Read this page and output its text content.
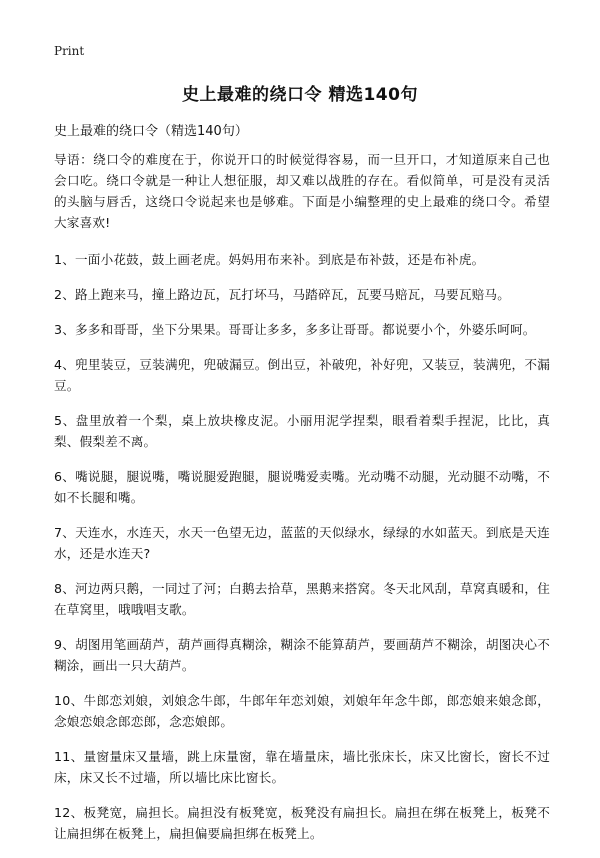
Print
史上最难的绕口令 精选140句
史上最难的绕口令（精选140句）

导语：绕口令的难度在于，你说开口的时候觉得容易，而一旦开口，才知道原来自己也会口吃。绕口令就是一种让人想征服，却又难以战胜的存在。看似简单，可是没有灵活的头脑与唇舌，这绕口令说起来也是够难。下面是小编整理的史上最难的绕口令。希望大家喜欢!

1、一面小花鼓，鼓上画老虎。妈妈用布来补。到底是布补鼓，还是布补虎。

2、路上跑来马，撞上路边瓦，瓦打坏马，马踏碎瓦，瓦要马赔瓦，马要瓦赔马。

3、多多和哥哥，坐下分果果。哥哥让多多，多多让哥哥。都说要小个，外婆乐呵呵。

4、兜里装豆，豆装满兜，兜破漏豆。倒出豆，补破兜，补好兜，又装豆，装满兜，不漏豆。

5、盘里放着一个梨，桌上放块橡皮泥。小丽用泥学捏梨，眼看着梨手捏泥，比比，真梨、假梨差不离。

6、嘴说腿，腿说嘴，嘴说腿爱跑腿，腿说嘴爱卖嘴。光动嘴不动腿，光动腿不动嘴，不如不长腿和嘴。

7、天连水，水连天，水天一色望无边，蓝蓝的天似绿水，绿绿的水如蓝天。到底是天连水，还是水连天?

8、河边两只鹅，一同过了河；白鹅去拾草，黑鹅来搭窝。冬天北风刮，草窝真暖和，住在草窝里，哦哦唱支歌。

9、胡图用笔画葫芦，葫芦画得真糊涂，糊涂不能算葫芦，要画葫芦不糊涂，胡图决心不糊涂，画出一只大葫芦。

10、牛郎恋刘娘，刘娘念牛郎，牛郎年年恋刘娘，刘娘年年念牛郎，郎恋娘来娘念郎，念娘恋娘念郎恋郎，念恋娘郎。

11、量窗量床又量墙，跳上床量窗，靠在墙量床，墙比张床长，床又比窗长，窗长不过床，床又长不过墙，所以墙比床比窗长。

12、板凳宽，扁担长。扁担没有板凳宽，板凳没有扁担长。扁担在绑在板凳上，板凳不让扁担绑在板凳上，扁担偏要扁担绑在板凳上。
